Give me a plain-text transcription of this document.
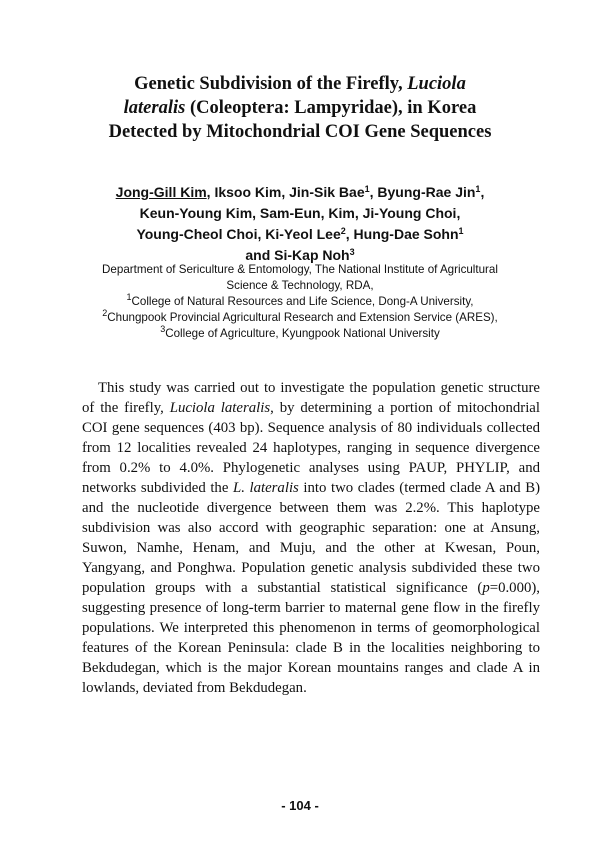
Genetic Subdivision of the Firefly, Luciola
lateralis (Coleoptera: Lampyridae), in Korea
Detected by Mitochondrial COI Gene Sequences
Jong-Gill Kim, Iksoo Kim, Jin-Sik Bae$^1$, Byung-Rae Jin$^1$,
Keun-Young Kim, Sam-Eun, Kim, Ji-Young Choi,
Young-Cheol Choi, Ki-Yeol Lee$^2$, Hung-Dae Sohn$^1$
and Si-Kap Noh$^3$
Department of Sericulture & Entomology, The National Institute of Agricultural
Science & Technology, RDA,
$^1$College of Natural Resources and Life Science, Dong-A University,
$^2$Chungpook Provincial Agricultural Research and Extension Service (ARES),
$^3$College of Agriculture, Kyungpook National University

This study was carried out to investigate the population genetic structure of the firefly, Luciola lateralis, by determining a portion of mitochondrial COI gene sequences (403 bp). Sequence analysis of 80 individuals collected from 12 localities revealed 24 haplotypes, ranging in sequence divergence from 0.2% to 4.0%. Phylogenetic analyses using PAUP, PHYLIP, and networks subdivided the L. lateralis into two clades (termed clade A and B) and the nucleotide divergence between them was 2.2%. This haplotype subdivision was also accord with geographic separation: one at Ansung, Suwon, Namhe, Henam, and Muju, and the other at Kwesan, Poun, Yangyang, and Ponghwa. Population genetic analysis subdivided these two population groups with a substantial statistical significance (p=0.000), suggesting presence of long-term barrier to maternal gene flow in the firefly populations. We interpreted this phenomenon in terms of geomorphological features of the Korean Peninsula: clade B in the localities neighboring to Bekdudegan, which is the major Korean mountains ranges and clade A in lowlands, deviated from Bekdudegan.

- 104 -
